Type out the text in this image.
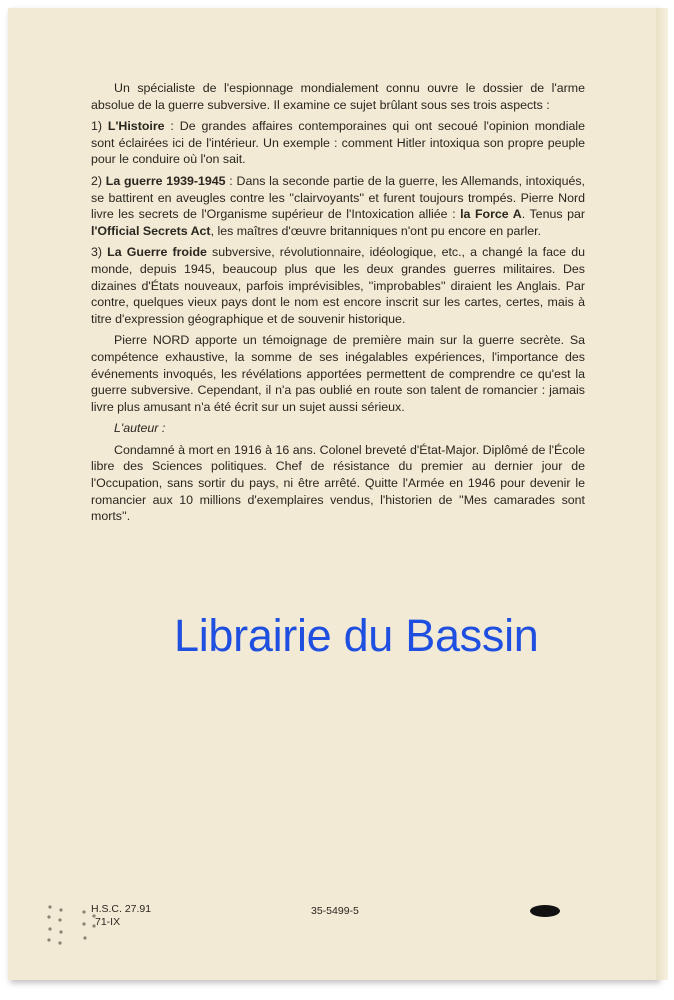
Un spécialiste de l'espionnage mondialement connu ouvre le dossier de l'arme absolue de la guerre subversive. Il examine ce sujet brûlant sous ses trois aspects :

1) L'Histoire : De grandes affaires contemporaines qui ont secoué l'opinion mondiale sont éclairées ici de l'intérieur. Un exemple : comment Hitler intoxiqua son propre peuple pour le conduire où l'on sait.

2) La guerre 1939-1945 : Dans la seconde partie de la guerre, les Allemands, intoxiqués, se battirent en aveugles contre les ''clairvoyants'' et furent toujours trompés. Pierre Nord livre les secrets de l'Organisme supérieur de l'Intoxication alliée : la Force A. Tenus par l'Official Secrets Act, les maîtres d'œuvre britanniques n'ont pu encore en parler.

3) La Guerre froide subversive, révolutionnaire, idéologique, etc., a changé la face du monde, depuis 1945, beaucoup plus que les deux grandes guerres militaires. Des dizaines d'États nouveaux, parfois imprévisibles, ''improbables'' diraient les Anglais. Par contre, quelques vieux pays dont le nom est encore inscrit sur les cartes, certes, mais à titre d'expression géographique et de souvenir historique.

Pierre NORD apporte un témoignage de première main sur la guerre secrète. Sa compétence exhaustive, la somme de ses inégalables expériences, l'importance des événements invoqués, les révélations apportées permettent de comprendre ce qu'est la guerre subversive. Cependant, il n'a pas oublié en route son talent de romancier : jamais livre plus amusant n'a été écrit sur un sujet aussi sérieux.

L'auteur :

Condamné à mort en 1916 à 16 ans. Colonel breveté d'État-Major. Diplômé de l'École libre des Sciences politiques. Chef de résistance du premier au dernier jour de l'Occupation, sans sortir du pays, ni être arrêté. Quitte l'Armée en 1946 pour devenir le romancier aux 10 millions d'exemplaires vendus, l'historien de ''Mes camarades sont morts''.

Librairie du Bassin
H.S.C. 27.91
71-IX
35-5499-5
